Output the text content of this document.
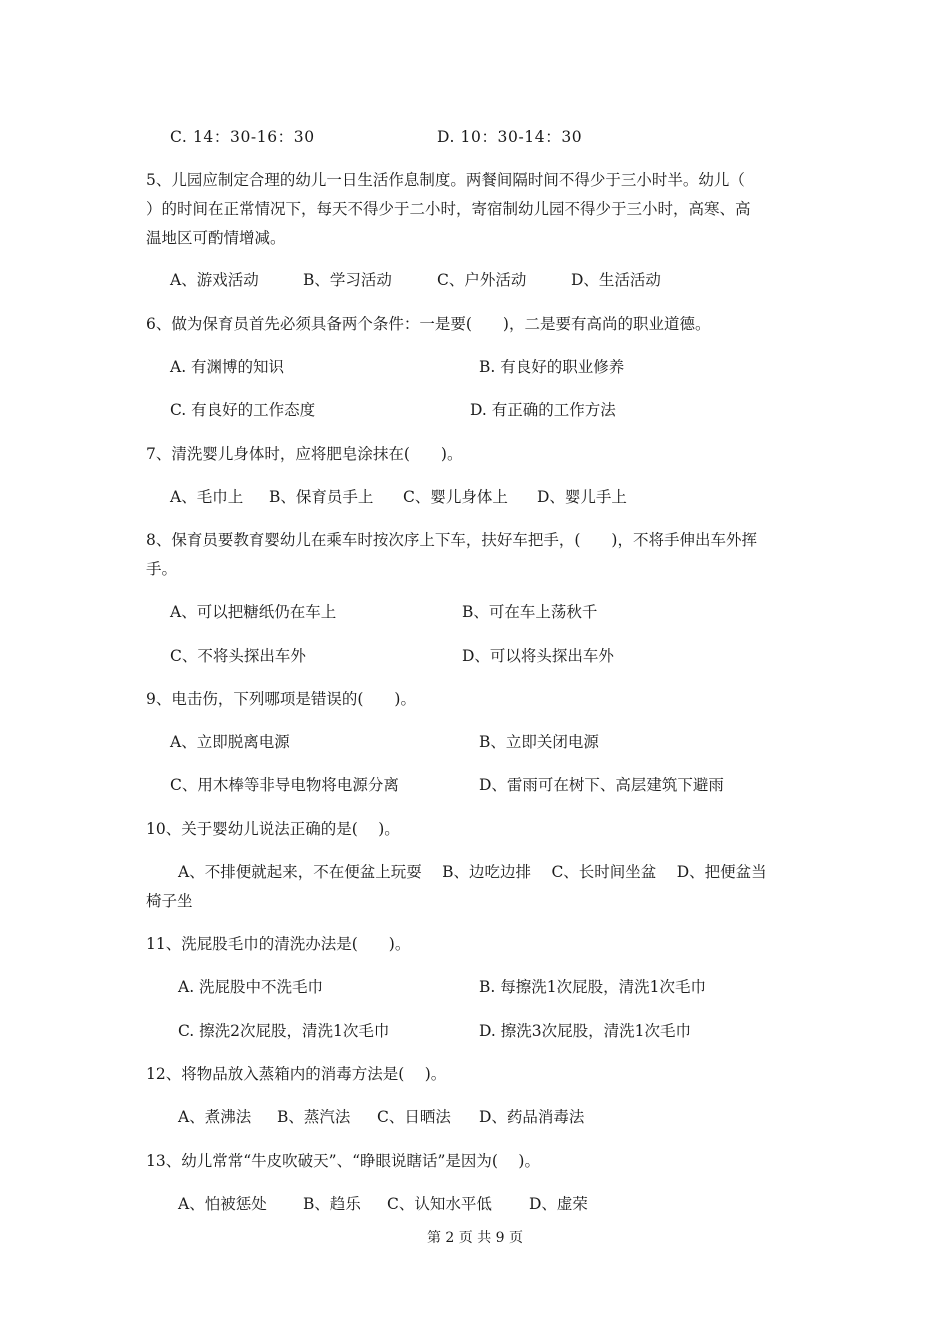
C. 14：30-16：30	D. 10：30-14：30
5、儿园应制定合理的幼儿一日生活作息制度。两餐间隔时间不得少于三小时半。幼儿（
）的时间在正常情况下，每天不得少于二小时，寄宿制幼儿园不得少于三小时，高寒、高
温地区可酌情增减。
A、游戏活动	B、学习活动	C、户外活动	D、生活活动
6、做为保育员首先必须具备两个条件：一是要(　　)，二是要有高尚的职业道德。
A. 有渊博的知识	B. 有良好的职业修养
C. 有良好的工作态度	D. 有正确的工作方法
7、清洗婴儿身体时，应将肥皂涂抹在(　　)。
A、毛巾上 B、保育员手上 C、婴儿身体上 D、婴儿手上
8、保育员要教育婴幼儿在乘车时按次序上下车，扶好车把手，(　　)，不将手伸出车外挥
手。
A、可以把糖纸仍在车上	B、可在车上荡秋千
C、不将头探出车外	D、可以将头探出车外
9、电击伤，下列哪项是错误的(　　)。
A、立即脱离电源	B、立即关闭电源
C、用木棒等非导电物将电源分离	D、雷雨可在树下、高层建筑下避雨
10、关于婴幼儿说法正确的是(　 )。
A、不排便就起来，不在便盆上玩耍　 B、边吃边排　 C、长时间坐盆　 D、把便盆当
椅子坐
11、洗屁股毛巾的清洗办法是(　　)。
A. 洗屁股中不洗毛巾	B. 每擦洗1次屁股，清洗1次毛巾
C. 擦洗2次屁股，清洗1次毛巾	D. 擦洗3次屁股，清洗1次毛巾
12、将物品放入蒸箱内的消毒方法是(　 )。
A、煮沸法 B、蒸汽法 C、日晒法 D、药品消毒法
13、幼儿常常“牛皮吹破天”、“睁眼说瞎话”是因为(　 )。
A、怕被惩处 B、趋乐 C、认知水平低 D、虚荣
第 2 页 共 9 页
